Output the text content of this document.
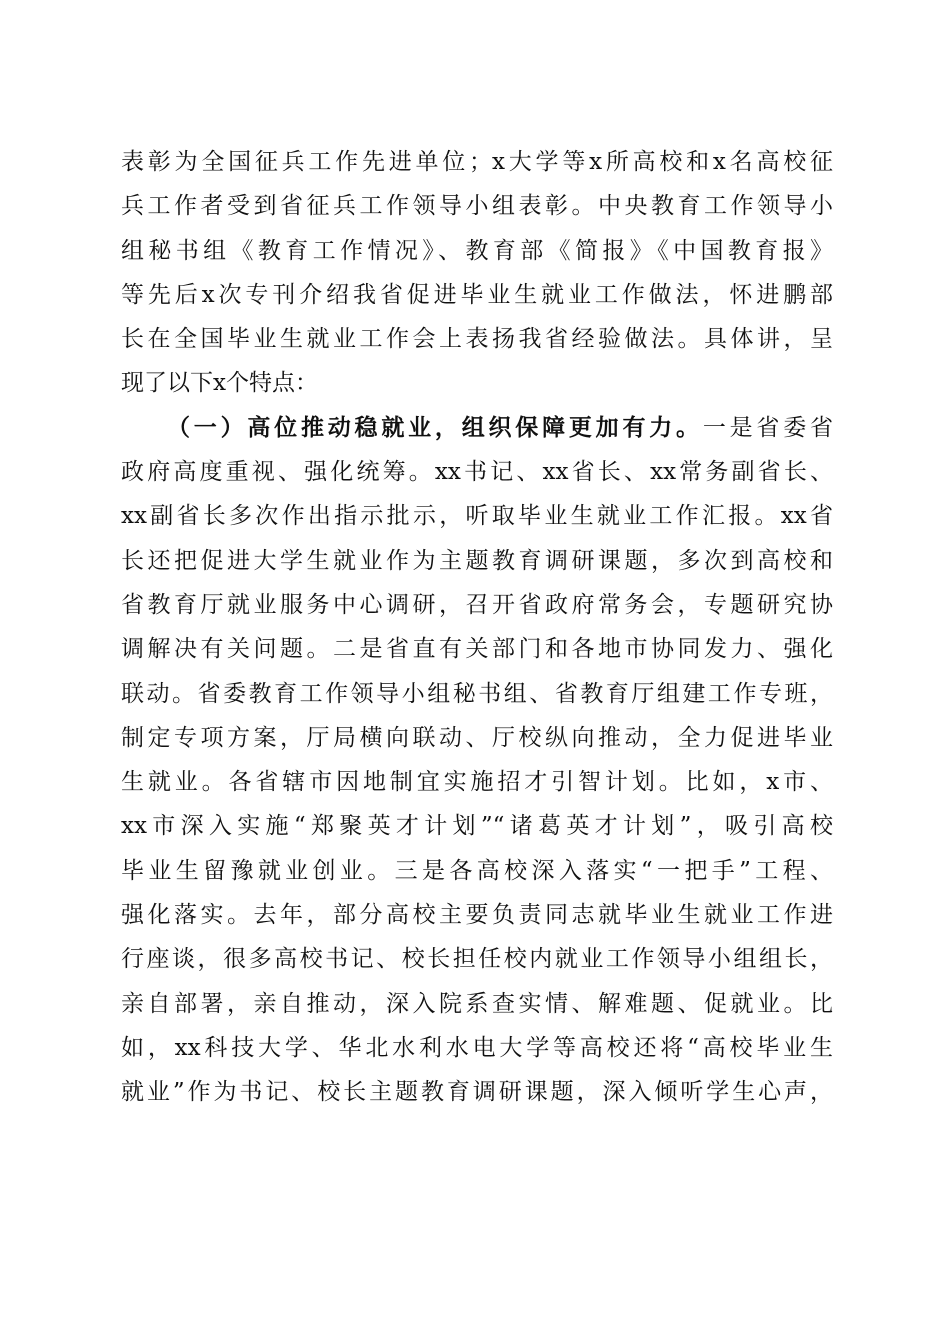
表彰为全国征兵工作先进单位；x大学等x所高校和x名高校征
兵工作者受到省征兵工作领导小组表彰。中央教育工作领导小
组秘书组《教育工作情况》、教育部《简报》《中国教育报》
等先后x次专刊介绍我省促进毕业生就业工作做法，怀进鹏部
长在全国毕业生就业工作会上表扬我省经验做法。具体讲，呈
现了以下x个特点：
（一）高位推动稳就业，组织保障更加有力。一是省委省
政府高度重视、强化统筹。xx书记、xx省长、xx常务副省长、
xx副省长多次作出指示批示，听取毕业生就业工作汇报。xx省
长还把促进大学生就业作为主题教育调研课题，多次到高校和
省教育厅就业服务中心调研，召开省政府常务会，专题研究协
调解决有关问题。二是省直有关部门和各地市协同发力、强化
联动。省委教育工作领导小组秘书组、省教育厅组建工作专班，
制定专项方案，厅局横向联动、厅校纵向推动，全力促进毕业
生就业。各省辖市因地制宜实施招才引智计划。比如，x市、
xx市深入实施“郑聚英才计划”“诸葛英才计划”，吸引高校
毕业生留豫就业创业。三是各高校深入落实“一把手”工程、
强化落实。去年，部分高校主要负责同志就毕业生就业工作进
行座谈，很多高校书记、校长担任校内就业工作领导小组组长，
亲自部署，亲自推动，深入院系查实情、解难题、促就业。比
如，xx科技大学、华北水利水电大学等高校还将“高校毕业生
就业”作为书记、校长主题教育调研课题，深入倾听学生心声，
